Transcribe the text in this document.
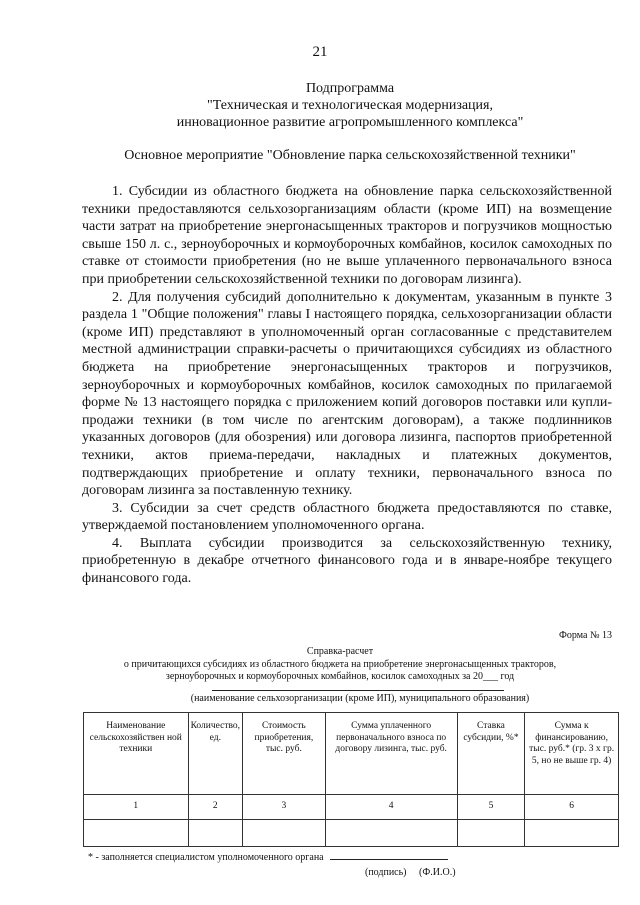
21
Подпрограмма
"Техническая и технологическая модернизация,
инновационное развитие агропромышленного комплекса"
Основное мероприятие "Обновление парка сельскохозяйственной техники"

1. Субсидии из областного бюджета на обновление парка сельскохозяйственной техники предоставляются сельхозорганизациям области (кроме ИП) на возмещение части затрат на приобретение энергонасыщенных тракторов и погрузчиков мощностью свыше 150 л. с., зерноуборочных и кормоуборочных комбайнов, косилок самоходных по ставке от стоимости приобретения (но не выше уплаченного первоначального взноса при приобретении сельскохозяйственной техники по договорам лизинга).

2. Для получения субсидий дополнительно к документам, указанным в пункте 3 раздела 1 "Общие положения" главы I настоящего порядка, сельхозорганизации области (кроме ИП) представляют в уполномоченный орган согласованные с представителем местной администрации справки-расчеты о причитающихся субсидиях из областного бюджета на приобретение энергонасыщенных тракторов и погрузчиков, зерноуборочных и кормоуборочных комбайнов, косилок самоходных по прилагаемой форме № 13 настоящего порядка с приложением копий договоров поставки или купли-продажи техники (в том числе по агентским договорам), а также подлинников указанных договоров (для обозрения) или договора лизинга, паспортов приобретенной техники, актов приема-передачи, накладных и платежных документов, подтверждающих приобретение и оплату техники, первоначального взноса по договорам лизинга за поставленную технику.

3. Субсидии за счет средств областного бюджета предоставляются по ставке, утверждаемой постановлением уполномоченного органа.

4. Выплата субсидии производится за сельскохозяйственную технику, приобретенную в декабре отчетного финансового года и в январе-ноябре текущего финансового года.

Форма № 13
Справка-расчет
о причитающихся субсидиях из областного бюджета на приобретение энергонасыщенных тракторов,
зерноуборочных и кормоуборочных комбайнов, косилок самоходных за 20___ год
(наименование сельхозорганизации (кроме ИП), муниципального образования)
Наименование сельскохозяйствен ной техники	Количество, ед.	Стоимость приобретения, тыс. руб.	Сумма уплаченного первоначального взноса по договору лизинга, тыс. руб.	Ставка субсидии, %*	Сумма к финансированию, тыс. руб.* (гр. 3 х гр. 5, но не выше гр. 4)
1	2	3	4	5	6

* - заполняется специалистом уполномоченного органа
(подпись) (Ф.И.О.)
